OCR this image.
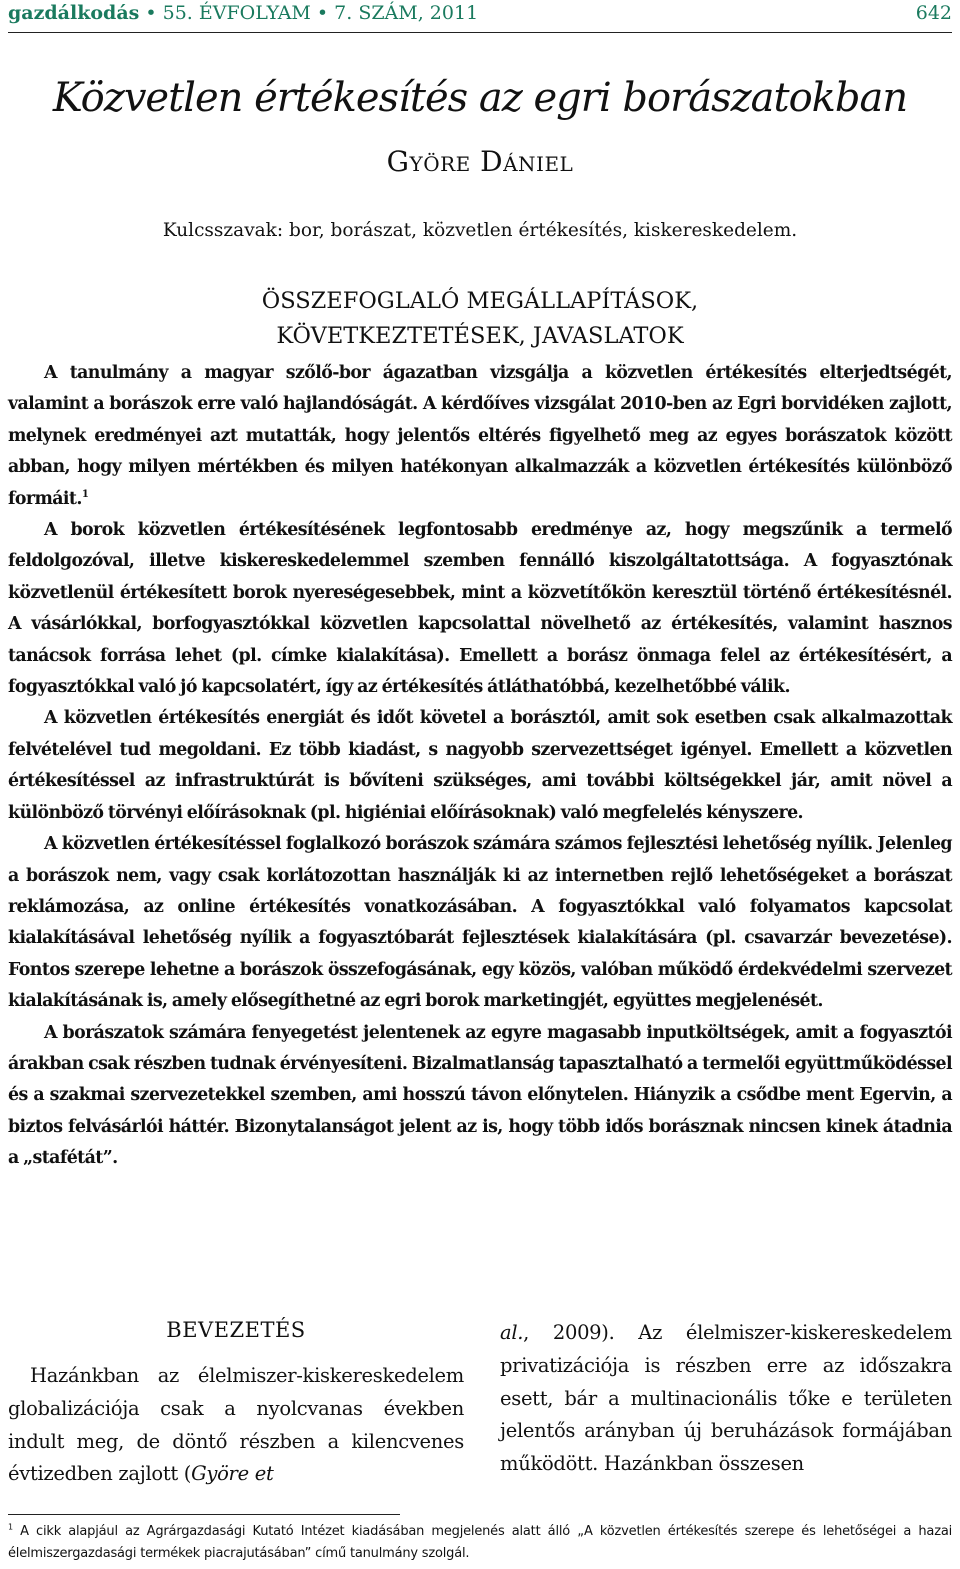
gazdálkodás • 55. ÉVFOLYAM • 7. SZÁM, 2011	642
Közvetlen értékesítés az egri borászatokban
Györe Dániel
Kulcsszavak: bor, borászat, közvetlen értékesítés, kiskereskedelem.
ÖSSZEFOGLALÓ MEGÁLLAPÍTÁSOK,
KÖVETKEZTETÉSEK, JAVASLATOK

A tanulmány a magyar szőlő-bor ágazatban vizsgálja a közvetlen értékesítés elterjedtségét, valamint a borászok erre való hajlandóságát. A kérdőíves vizsgálat 2010-ben az Egri borvidéken zajlott, melynek eredményei azt mutatták, hogy jelentős eltérés figyelhető meg az egyes borászatok között abban, hogy milyen mértékben és milyen hatékonyan alkalmazzák a közvetlen értékesítés különböző formáit.$^1$

A borok közvetlen értékesítésének legfontosabb eredménye az, hogy megszűnik a termelő feldolgozóval, illetve kiskereskedelemmel szemben fennálló kiszolgáltatottsága. A fogyasztónak közvetlenül értékesített borok nyereségesebbek, mint a közvetítőkön keresztül történő értékesítésnél. A vásárlókkal, borfogyasztókkal közvetlen kapcsolattal növelhető az értékesítés, valamint hasznos tanácsok forrása lehet (pl. címke kialakítása). Emellett a borász önmaga felel az értékesítésért, a fogyasztókkal való jó kapcsolatért, így az értékesítés átláthatóbbá, kezelhetőbbé válik.

A közvetlen értékesítés energiát és időt követel a borásztól, amit sok esetben csak alkalmazottak felvételével tud megoldani. Ez több kiadást, s nagyobb szervezettséget igényel. Emellett a közvetlen értékesítéssel az infrastruktúrát is bővíteni szükséges, ami további költségekkel jár, amit növel a különböző törvényi előírásoknak (pl. higiéniai előírásoknak) való megfelelés kényszere.

A közvetlen értékesítéssel foglalkozó borászok számára számos fejlesztési lehetőség nyílik. Jelenleg a borászok nem, vagy csak korlátozottan használják ki az internetben rejlő lehetőségeket a borászat reklámozása, az online értékesítés vonatkozásában. A fogyasztókkal való folyamatos kapcsolat kialakításával lehetőség nyílik a fogyasztóbarát fejlesztések kialakítására (pl. csavarzár bevezetése). Fontos szerepe lehetne a borászok összefogásának, egy közös, valóban működő érdekvédelmi szervezet kialakításának is, amely elősegíthetné az egri borok marketingjét, együttes megjelenését.

A borászatok számára fenyegetést jelentenek az egyre magasabb inputköltségek, amit a fogyasztói árakban csak részben tudnak érvényesíteni. Bizalmatlanság tapasztalható a termelői együttműködéssel és a szakmai szervezetekkel szemben, ami hosszú távon előnytelen. Hiányzik a csődbe ment Egervin, a biztos felvásárlói háttér. Bizonytalanságot jelent az is, hogy több idős borásznak nincsen kinek átadnia a „stafétát”.

BEVEZETÉS

Hazánkban az élelmiszer-kiskereskedelem globalizációja csak a nyolcvanas években indult meg, de döntő részben a kilencvenes évtizedben zajlott (Györe et

al., 2009). Az élelmiszer-kiskereskedelem privatizációja is részben erre az időszakra esett, bár a multinacionális tőke e területen jelentős arányban új beruházások formájában működött. Hazánkban összesen

$^1$ A cikk alapjául az Agrárgazdasági Kutató Intézet kiadásában megjelenés alatt álló „A közvetlen értékesítés szerepe és lehetőségei a hazai élelmiszergazdasági termékek piacrajutásában” című tanulmány szolgál.
